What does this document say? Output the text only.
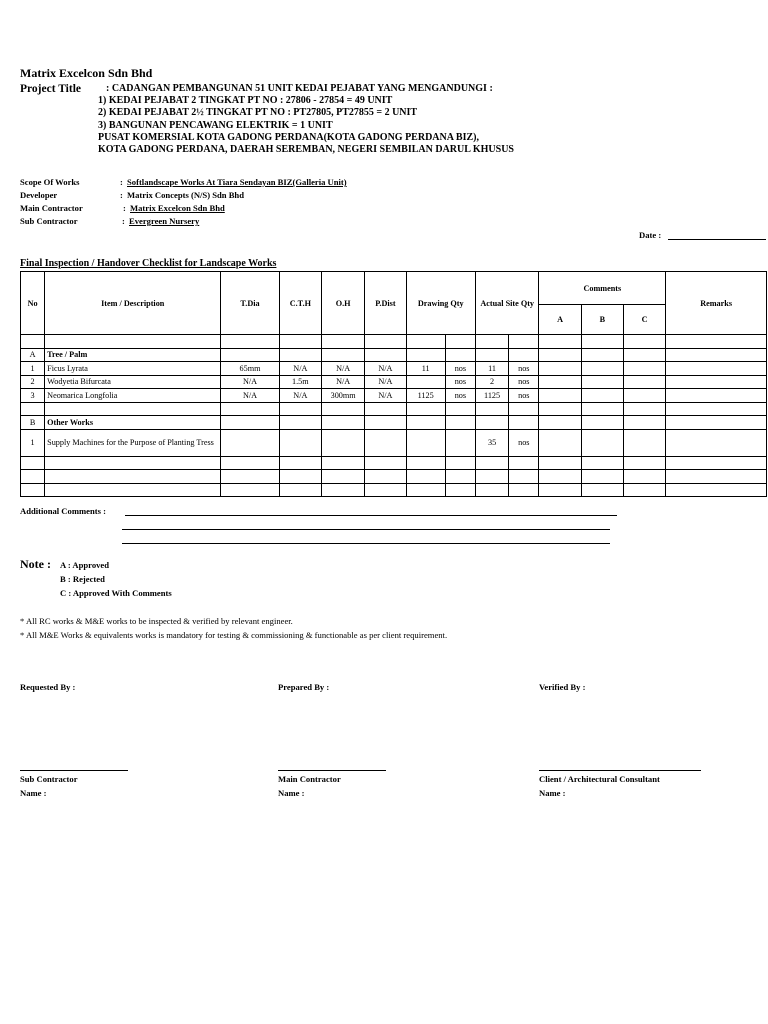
Matrix Excelcon Sdn Bhd
Project Title	: CADANGAN PEMBANGUNAN 51 UNIT KEDAI PEJABAT YANG MENGANDUNGI :
1) KEDAI PEJABAT 2 TINGKAT PT NO : 27806 - 27854 = 49 UNIT
2) KEDAI PEJABAT 2½ TINGKAT PT NO : PT27805, PT27855 = 2 UNIT
3) BANGUNAN PENCAWANG ELEKTRIK = 1 UNIT
PUSAT KOMERSIAL KOTA GADONG PERDANA(KOTA GADONG PERDANA BIZ),
KOTA GADONG PERDANA, DAERAH SEREMBAN, NEGERI SEMBILAN DARUL KHUSUS
Scope Of Works	: Softlandscape Works At Tiara Sendayan BIZ(Galleria Unit)
Developer	: Matrix Concepts (N/S) Sdn Bhd
Main Contractor	: Matrix Excelcon Sdn Bhd
Sub Contractor	: Evergreen Nursery
Date :
Final Inspection / Handover Checklist for Landscape Works
No	Item / Description	T.Dia	C.T.H	O.H	P.Dist	Drawing Qty		Actual Site Qty		Comments			Remarks
										A	B	C	

A	Tree / Palm												
1	Ficus Lyrata	65mm	N/A	N/A	N/A	11	nos	11	nos				
2	Wodyetia Bifurcata	N/A	1.5m	N/A	N/A		nos	2	nos				
3	Neomarica Longfolia	N/A	N/A	300mm	N/A	1125	nos	1125	nos				

B	Other Works												
1	Supply Machines for the Purpose of Planting Tress							35	nos				

Additional Comments :
Note : A : Approved
B : Rejected
C : Approved With Comments
* All RC works & M&E works to be inspected & verified by relevant engineer.
* All M&E Works & equivalents works is mandatory for testing & commissioning & functionable as per client requirement.
Requested By :	Prepared By :	Verified By :
Sub Contractor	Main Contractor	Client / Architectural Consultant
Name :	Name :	Name :
